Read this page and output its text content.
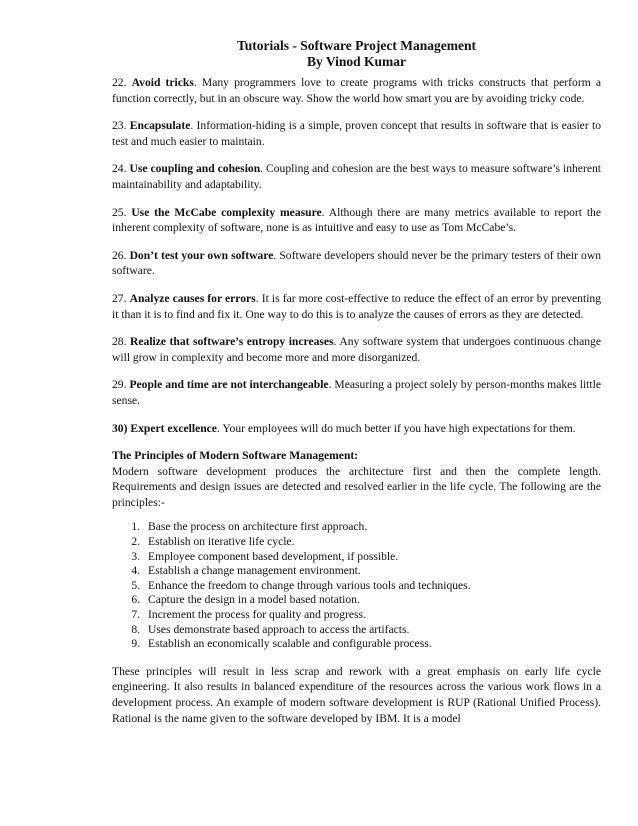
Tutorials - Software Project Management
By Vinod Kumar

22. Avoid tricks. Many programmers love to create programs with tricks constructs that perform a function correctly, but in an obscure way. Show the world how smart you are by avoiding tricky code.

23. Encapsulate. Information-hiding is a simple, proven concept that results in software that is easier to test and much easier to maintain.

24. Use coupling and cohesion. Coupling and cohesion are the best ways to measure software’s inherent maintainability and adaptability.

25. Use the McCabe complexity measure. Although there are many metrics available to report the inherent complexity of software, none is as intuitive and easy to use as Tom McCabe’s.

26. Don’t test your own software. Software developers should never be the primary testers of their own software.

27. Analyze causes for errors. It is far more cost-effective to reduce the effect of an error by preventing it than it is to find and fix it. One way to do this is to analyze the causes of errors as they are detected.

28. Realize that software’s entropy increases. Any software system that undergoes continuous change will grow in complexity and become more and more disorganized.

29. People and time are not interchangeable. Measuring a project solely by person-months makes little sense.

30) Expert excellence. Your employees will do much better if you have high expectations for them.

The Principles of Modern Software Management:

Modern software development produces the architecture first and then the complete length. Requirements and design issues are detected and resolved earlier in the life cycle. The following are the principles:-

1. Base the process on architecture first approach.
2. Establish on iterative life cycle.
3. Employee component based development, if possible.
4. Establish a change management environment.
5. Enhance the freedom to change through various tools and techniques.
6. Capture the design in a model based notation.
7. Increment the process for quality and progress.
8. Uses demonstrate based approach to access the artifacts.
9. Establish an economically scalable and configurable process.

These principles will result in less scrap and rework with a great emphasis on early life cycle engineering. It also results in balanced expenditure of the resources across the various work flows in a development process. An example of modern software development is RUP (Rational Unified Process). Rational is the name given to the software developed by IBM. It is a model
